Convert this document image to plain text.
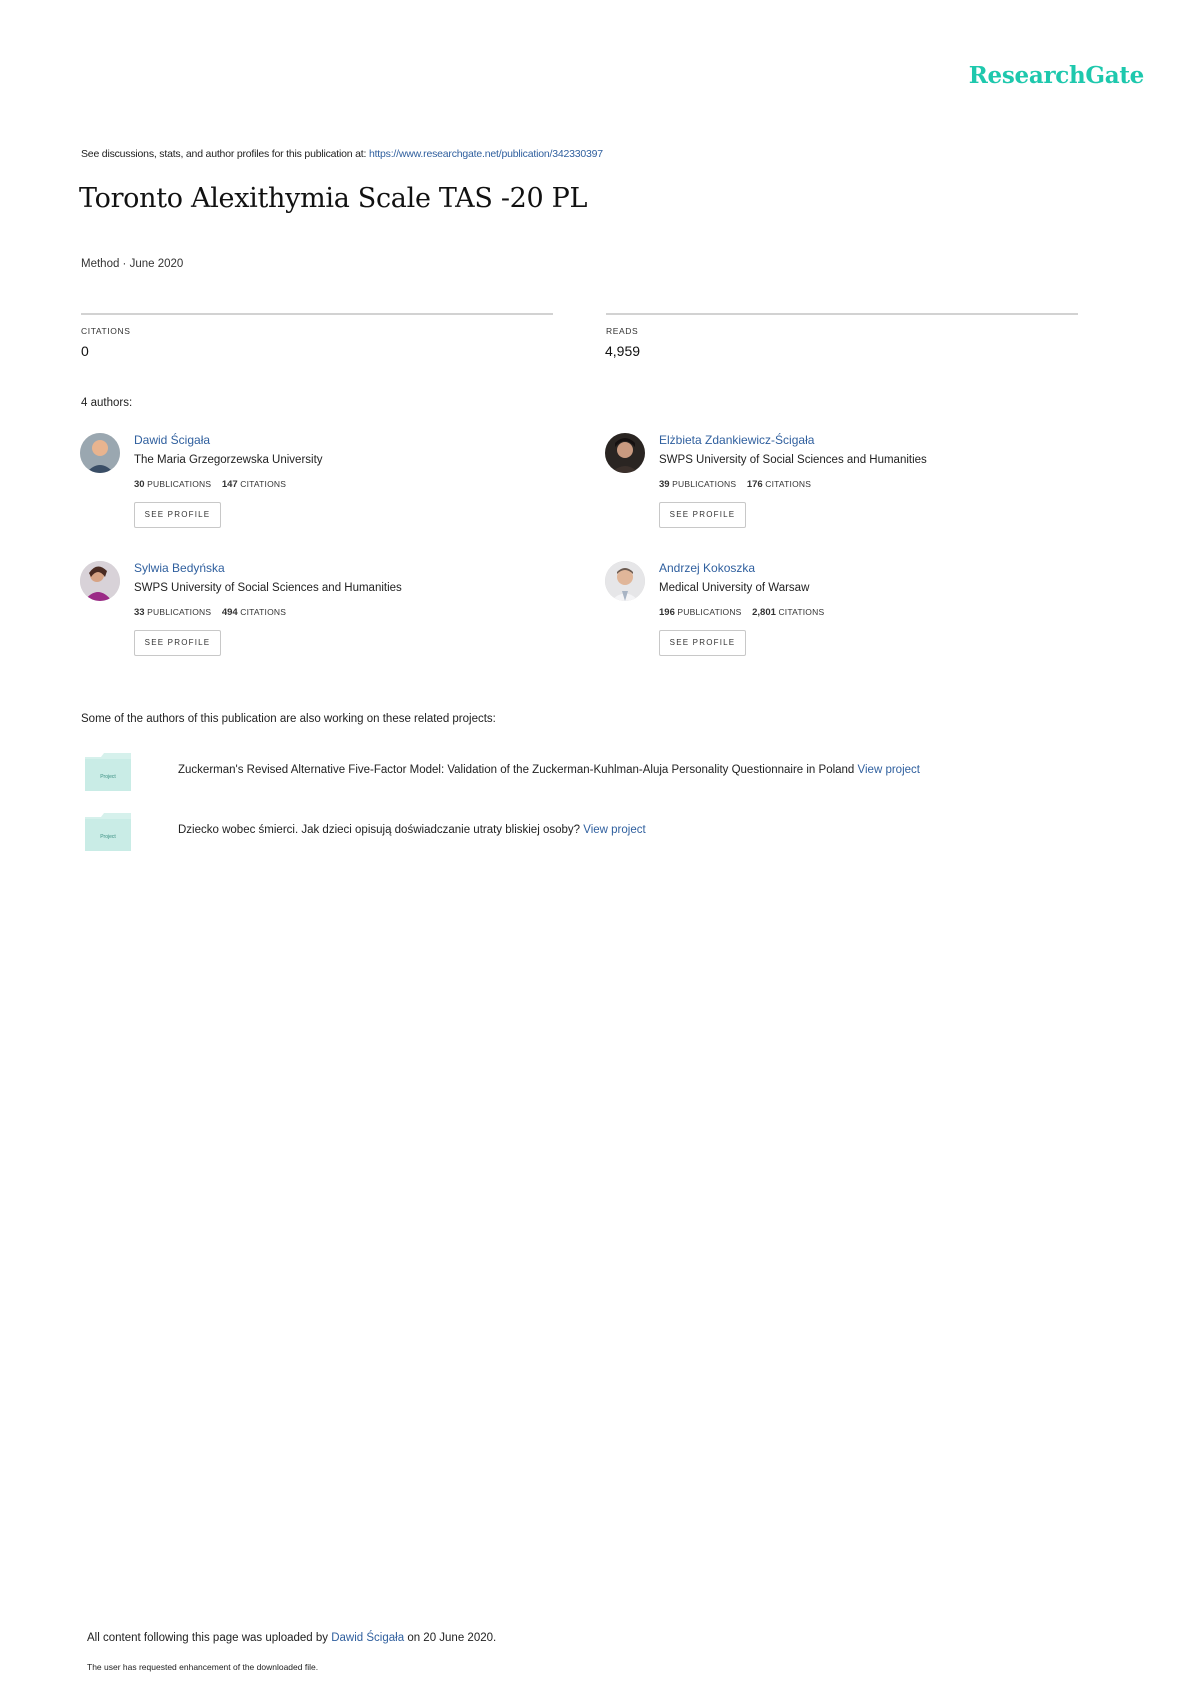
ResearchGate
See discussions, stats, and author profiles for this publication at: https://www.researchgate.net/publication/342330397
Toronto Alexithymia Scale TAS -20 PL
Method · June 2020
CITATIONS
0
READS
4,959
4 authors:
Dawid Ścigała
The Maria Grzegorzewska University
30 PUBLICATIONS 147 CITATIONS
SEE PROFILE
Elżbieta Zdankiewicz-Ścigała
SWPS University of Social Sciences and Humanities
39 PUBLICATIONS 176 CITATIONS
SEE PROFILE
Sylwia Bedyńska
SWPS University of Social Sciences and Humanities
33 PUBLICATIONS 494 CITATIONS
SEE PROFILE
Andrzej Kokoszka
Medical University of Warsaw
196 PUBLICATIONS 2,801 CITATIONS
SEE PROFILE
Some of the authors of this publication are also working on these related projects:
Project
Zuckerman's Revised Alternative Five-Factor Model: Validation of the Zuckerman-Kuhlman-Aluja Personality Questionnaire in Poland View project
Project
Dziecko wobec śmierci. Jak dzieci opisują doświadczanie utraty bliskiej osoby? View project
All content following this page was uploaded by Dawid Ścigała on 20 June 2020.
The user has requested enhancement of the downloaded file.
